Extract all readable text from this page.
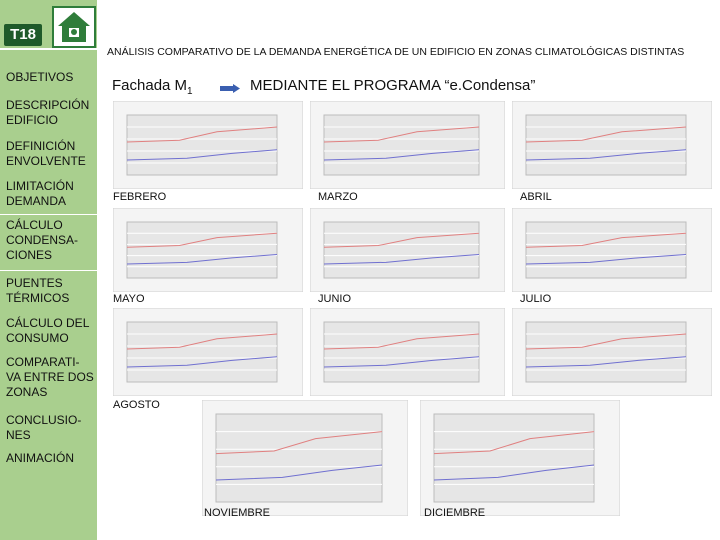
T18
OBJETIVOS
DESCRIPCIÓN
EDIFICIO
DEFINICIÓN
ENVOLVENTE
LIMITACIÓN
DEMANDA
CÁLCULO
CONDENSA-
CIONES
PUENTES
TÉRMICOS
CÁLCULO DEL
CONSUMO
COMPARATI-
VA ENTRE DOS
ZONAS
CONCLUSIO-
NES
ANIMACIÓN
ANÁLISIS COMPARATIVO DE LA DEMANDA ENERGÉTICA DE UN EDIFICIO EN ZONAS CLIMATOLÓGICAS DISTINTAS
Fachada $M_1$	MEDIANTE EL PROGRAMA “e.Condensa”
FEBRERO	MARZO	ABRIL
MAYO	JUNIO	JULIO
AGOSTO
NOVIEMBRE	DICIEMBRE
